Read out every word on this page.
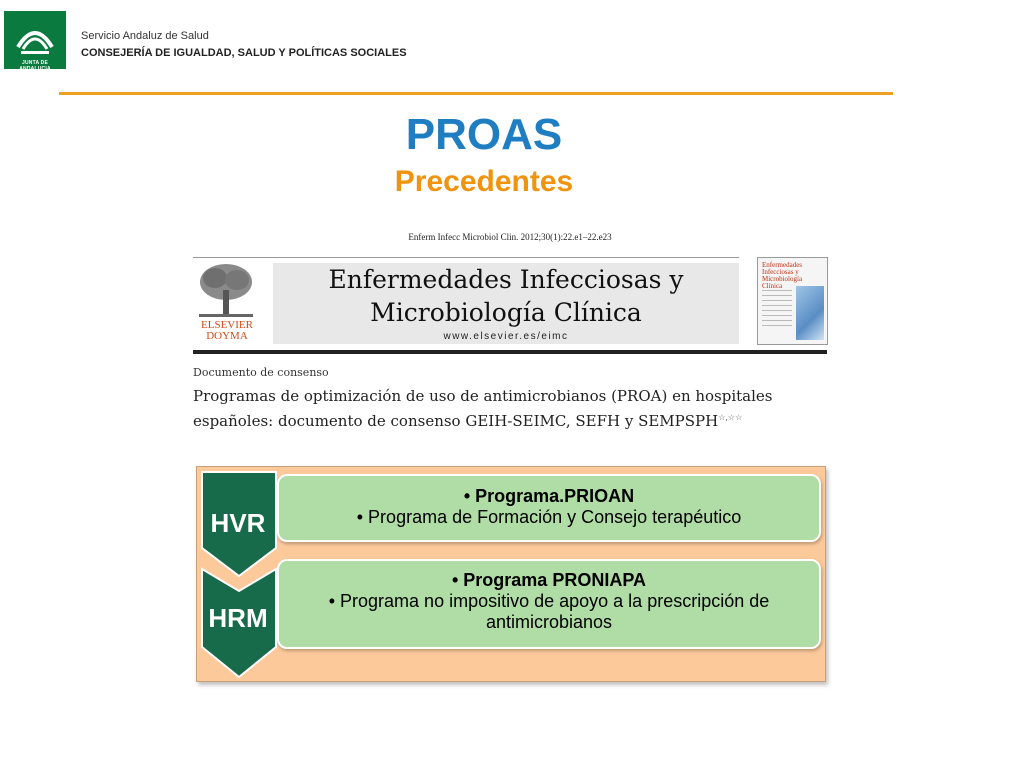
JUNTA DE ANDALUCIA
Servicio Andaluz de Salud
CONSEJERÍA DE IGUALDAD, SALUD Y POLÍTICAS SOCIALES
PROAS
Precedentes
Enferm Infecc Microbiol Clin. 2012;30(1):22.e1–22.e23
ELSEVIER
DOYMA
Enfermedades Infecciosas y
Microbiología Clínica
www.elsevier.es/eimc
Enfermedades
Infecciosas y
Microbiología
Clínica
Documento de consenso
Programas de optimización de uso de antimicrobianos (PROA) en hospitales
españoles: documento de consenso GEIH-SEIMC, SEFH y SEMPSPH☆,☆☆
HVR
HRM
• Programa.PRIOAN
• Programa de Formación y Consejo terapéutico
• Programa PRONIAPA
• Programa no impositivo de apoyo a la prescripción de
antimicrobianos
